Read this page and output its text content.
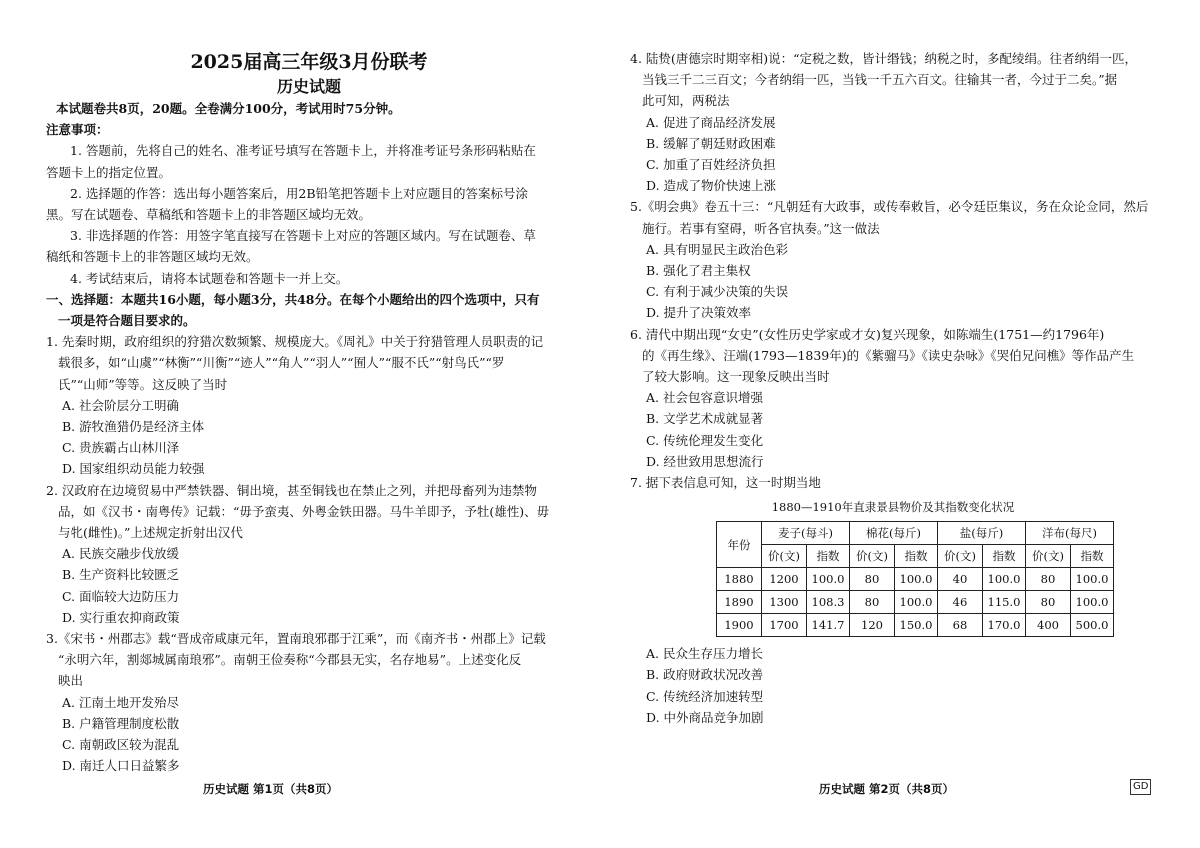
2025届高三年级3月份联考
历史试题
本试题卷共8页，20题。全卷满分100分，考试用时75分钟。
注意事项：
1. 答题前，先将自己的姓名、准考证号填写在答题卡上，并将准考证号条形码粘贴在
答题卡上的指定位置。
2. 选择题的作答：选出每小题答案后，用2B铅笔把答题卡上对应题目的答案标号涂
黑。写在试题卷、草稿纸和答题卡上的非答题区域均无效。
3. 非选择题的作答：用签字笔直接写在答题卡上对应的答题区域内。写在试题卷、草
稿纸和答题卡上的非答题区域均无效。
4. 考试结束后，请将本试题卷和答题卡一并上交。
一、选择题：本题共16小题，每小题3分，共48分。在每个小题给出的四个选项中，只有
一项是符合题目要求的。
1. 先秦时期，政府组织的狩猎次数频繁、规模庞大。《周礼》中关于狩猎管理人员职责的记
载很多，如“山虞”“林衡”“川衡”“迹人”“角人”“羽人”“囿人”“服不氏”“射鸟氏”“罗
氏”“山师”等等。这反映了当时
A. 社会阶层分工明确
B. 游牧渔猎仍是经济主体
C. 贵族霸占山林川泽
D. 国家组织动员能力较强
2. 汉政府在边境贸易中严禁铁器、铜出境，甚至铜钱也在禁止之列，并把母畜列为违禁物
品，如《汉书・南粤传》记载：“毋予蛮夷、外粤金铁田器。马牛羊即予，予牡(雄性)、毋
与牝(雌性)。”上述规定折射出汉代
A. 民族交融步伐放缓
B. 生产资料比较匮乏
C. 面临较大边防压力
D. 实行重农抑商政策
3.《宋书・州郡志》载“晋成帝咸康元年，置南琅邪郡于江乘”，而《南齐书・州郡上》记载
“永明六年，割郯城属南琅邪”。南朝王俭奏称“今郡县无实，名存地易”。上述变化反
映出
A. 江南土地开发殆尽
B. 户籍管理制度松散
C. 南朝政区较为混乱
D. 南迁人口日益繁多
4. 陆贽(唐德宗时期宰相)说：“定税之数，皆计缗钱；纳税之时，多配绫绢。往者纳绢一匹，
当钱三千二三百文；今者纳绢一匹，当钱一千五六百文。往输其一者，今过于二矣。”据
此可知，两税法
A. 促进了商品经济发展
B. 缓解了朝廷财政困难
C. 加重了百姓经济负担
D. 造成了物价快速上涨
5.《明会典》卷五十三：“凡朝廷有大政事，或传奉敕旨，必令廷臣集议，务在众论佥同，然后
施行。若事有窒碍，听各官执奏。”这一做法
A. 具有明显民主政治色彩
B. 强化了君主集权
C. 有利于减少决策的失误
D. 提升了决策效率
6. 清代中期出现“女史”(女性历史学家或才女)复兴现象，如陈端生(1751—约1796年)
的《再生缘》、汪端(1793—1839年)的《紫骝马》《读史杂咏》《哭伯兄问樵》等作品产生
了较大影响。这一现象反映出当时
A. 社会包容意识增强
B. 文学艺术成就显著
C. 传统伦理发生变化
D. 经世致用思想流行
7. 据下表信息可知，这一时期当地
1880—1910年直隶景县物价及其指数变化状况
年份	麦子(每斗)		棉花(每斤)		盐(每斤)		洋布(每尺)	
	价(文)	指数	价(文)	指数	价(文)	指数	价(文)	指数
1880	1200	100.0	80	100.0	40	100.0	80	100.0
1890	1300	108.3	80	100.0	46	115.0	80	100.0
1900	1700	141.7	120	150.0	68	170.0	400	500.0
A. 民众生存压力增长
B. 政府财政状况改善
C. 传统经济加速转型
D. 中外商品竞争加剧
历史试题 第1页（共8页）	历史试题 第2页（共8页）	GD
